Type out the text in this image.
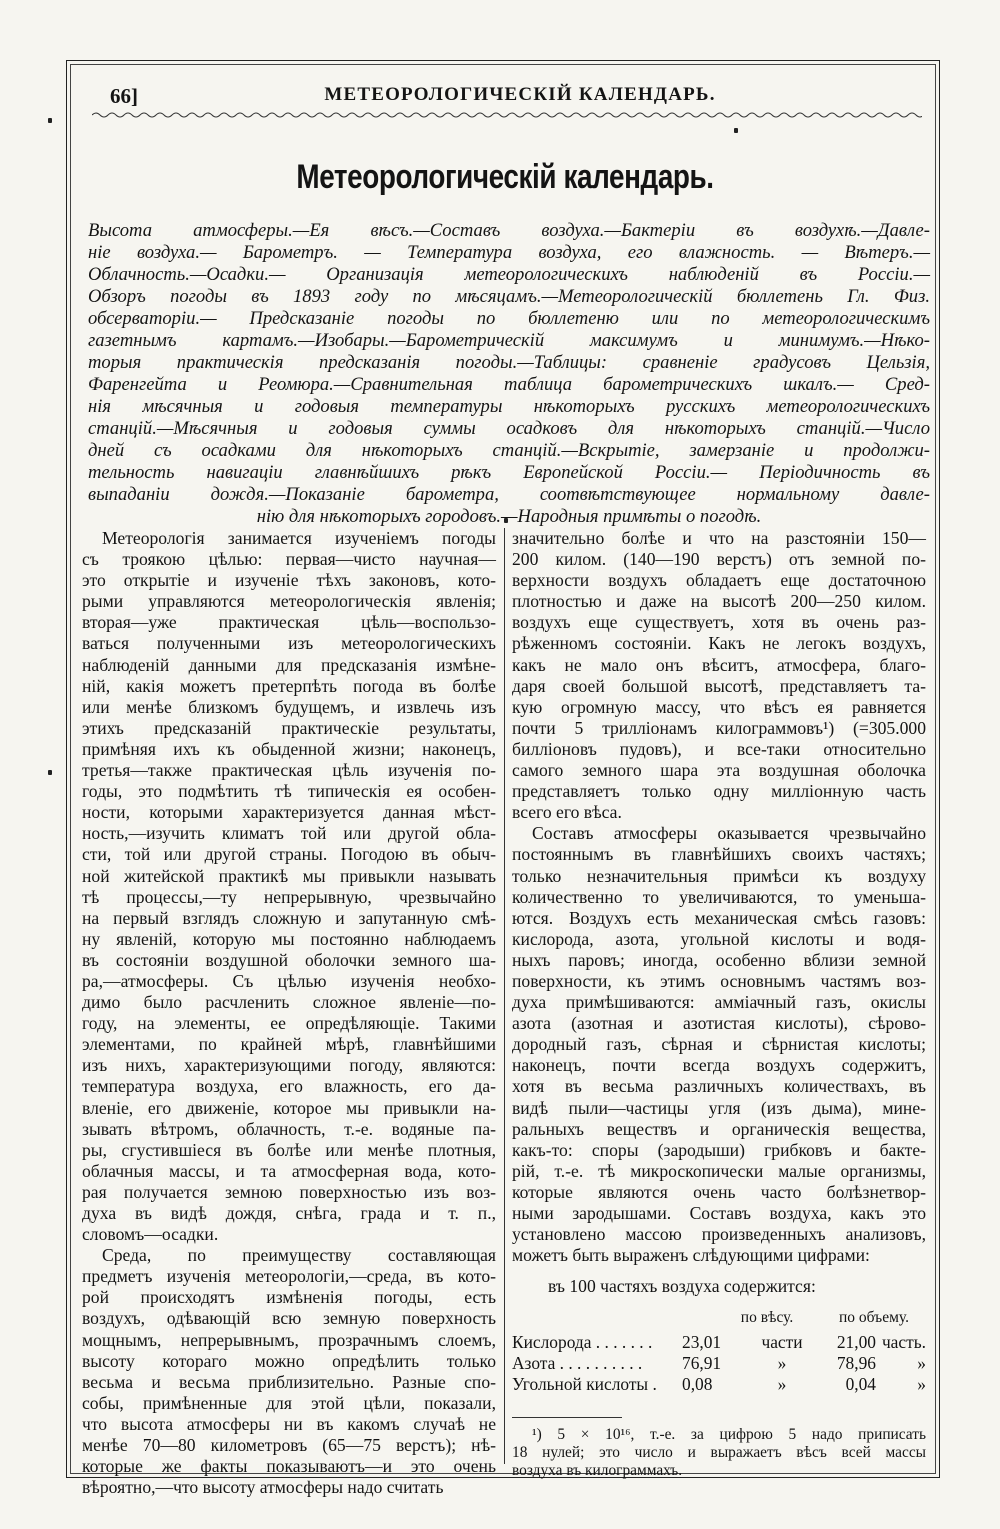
66]	МЕТЕОРОЛОГИЧЕСКІЙ КАЛЕНДАРЬ.
Метеорологическій календарь.
Высота атмосферы.—Ея вѣсъ.—Составъ воздуха.—Бактеріи въ воздухѣ.—Давле-
ніе воздуха.— Барометръ. — Температура воздуха, его влажность. — Вѣтеръ.—
Облачность.—Осадки.— Организація метеорологическихъ наблюденій въ Россіи.—
Обзоръ погоды въ 1893 году по мѣсяцамъ.—Метеорологическій бюллетень Гл. Физ.
обсерваторіи.— Предсказаніе погоды по бюллетеню или по метеорологическимъ
газетнымъ картамъ.—Изобары.—Барометрическій максимумъ и минимумъ.—Нѣко-
торыя практическія предсказанія погоды.—Таблицы: сравненіе градусовъ Цельзія,
Фаренгейта и Реомюра.—Сравнительная таблица барометрическихъ шкалъ.— Сред-
нія мѣсячныя и годовыя температуры нѣкоторыхъ русскихъ метеорологическихъ
станцій.—Мѣсячныя и годовыя суммы осадковъ для нѣкоторыхъ станцій.—Число
дней съ осадками для нѣкоторыхъ станцій.—Вскрытіе, замерзаніе и продолжи-
тельность навигаціи главнѣйшихъ рѣкъ Европейской Россіи.— Періодичность въ
выпаданіи дождя.—Показаніе барометра, соотвѣтствующее нормальному давле-
нію для нѣкоторыхъ городовъ.—Народныя примѣты о погодѣ.
Метеорологія занимается изученіемъ погоды
съ троякою цѣлью: первая—чисто научная—
это открытіе и изученіе тѣхъ законовъ, кото-
рыми управляются метеорологическія явленія;
вторая—уже практическая цѣль—воспользо-
ваться полученными изъ метеорологическихъ
наблюденій данными для предсказанія измѣне-
ній, какія можетъ претерпѣть погода въ болѣе
или менѣе близкомъ будущемъ, и извлечь изъ
этихъ предсказаній практическіе результаты,
примѣняя ихъ къ обыденной жизни; наконецъ,
третья—также практическая цѣль изученія по-
годы, это подмѣтить тѣ типическія ея особен-
ности, которыми характеризуется данная мѣст-
ность,—изучить климатъ той или другой обла-
сти, той или другой страны. Погодою въ обыч-
ной житейской практикѣ мы привыкли называть
тѣ процессы,—ту непрерывную, чрезвычайно
на первый взглядъ сложную и запутанную смѣ-
ну явленій, которую мы постоянно наблюдаемъ
въ состояніи воздушной оболочки земного ша-
ра,—атмосферы. Съ цѣлью изученія необхо-
димо было расчленить сложное явленіе—по-
году, на элементы, ее опредѣляющіе. Такими
элементами, по крайней мѣрѣ, главнѣйшими
изъ нихъ, характеризующими погоду, являются:
температура воздуха, его влажность, его да-
вленіе, его движеніе, которое мы привыкли на-
зывать вѣтромъ, облачность, т.-е. водяные па-
ры, сгустившіеся въ болѣе или менѣе плотныя,
облачныя массы, и та атмосферная вода, кото-
рая получается земною поверхностью изъ воз-
духа въ видѣ дождя, снѣга, града и т. п.,
словомъ—осадки.
Среда, по преимуществу составляющая
предметъ изученія метеорологіи,—среда, въ кото-
рой происходятъ измѣненія погоды, есть
воздухъ, одѣвающій всю земную поверхность
мощнымъ, непрерывнымъ, прозрачнымъ слоемъ,
высоту котораго можно опредѣлить только
весьма и весьма приблизительно. Разные спо-
собы, примѣненные для этой цѣли, показали,
что высота атмосферы ни въ какомъ случаѣ не
менѣе 70—80 километровъ (65—75 верстъ); нѣ-
которые же факты показываютъ—и это очень
вѣроятно,—что высоту атмосферы надо считать
значительно болѣе и что на разстояніи 150—
200 килом. (140—190 верстъ) отъ земной по-
верхности воздухъ обладаетъ еще достаточною
плотностью и даже на высотѣ 200—250 килом.
воздухъ еще существуетъ, хотя въ очень раз-
рѣженномъ состояніи. Какъ не легокъ воздухъ,
какъ не мало онъ вѣситъ, атмосфера, благо-
даря своей большой высотѣ, представляетъ та-
кую огромную массу, что вѣсъ ея равняется
почти 5 трилліонамъ килограммовъ¹) (=305.000
билліоновъ пудовъ), и все-таки относительно
самого земного шара эта воздушная оболочка
представляетъ только одну милліонную часть
всего его вѣса.
Составъ атмосферы оказывается чрезвычайно
постояннымъ въ главнѣйшихъ своихъ частяхъ;
только незначительныя примѣси къ воздуху
количественно то увеличиваются, то уменьша-
ются. Воздухъ есть механическая смѣсь газовъ:
кислорода, азота, угольной кислоты и водя-
ныхъ паровъ; иногда, особенно вблизи земной
поверхности, къ этимъ основнымъ частямъ воз-
духа примѣшиваются: амміачный газъ, окислы
азота (азотная и азотистая кислоты), сѣрово-
дородный газъ, сѣрная и сѣрнистая кислоты;
наконецъ, почти всегда воздухъ содержитъ,
хотя въ весьма различныхъ количествахъ, въ
видѣ пыли—частицы угля (изъ дыма), мине-
ральныхъ веществъ и органическія вещества,
какъ-то: споры (зародыши) грибковъ и бакте-
рій, т.-е. тѣ микроскопически малые организмы,
которые являются очень часто болѣзнетвор-
ными зародышами. Составъ воздуха, какъ это
установлено массою произведенныхъ анализовъ,
можетъ быть выраженъ слѣдующими цифрами:
въ 100 частяхъ воздуха содержится:
по вѣсу.	по объему.
Кислорода . . . . . . .	23,01	части	21,00 часть.
Азота . . . . . . . . . .	76,91	»	78,96	»
Угольной кислоты .	0,08	»	0,04	»
¹) 5 × 10¹⁶, т.-е. за цифрою 5 надо приписать
18 нулей; это число и выражаетъ вѣсъ всей массы
воздуха въ килограммахъ.
